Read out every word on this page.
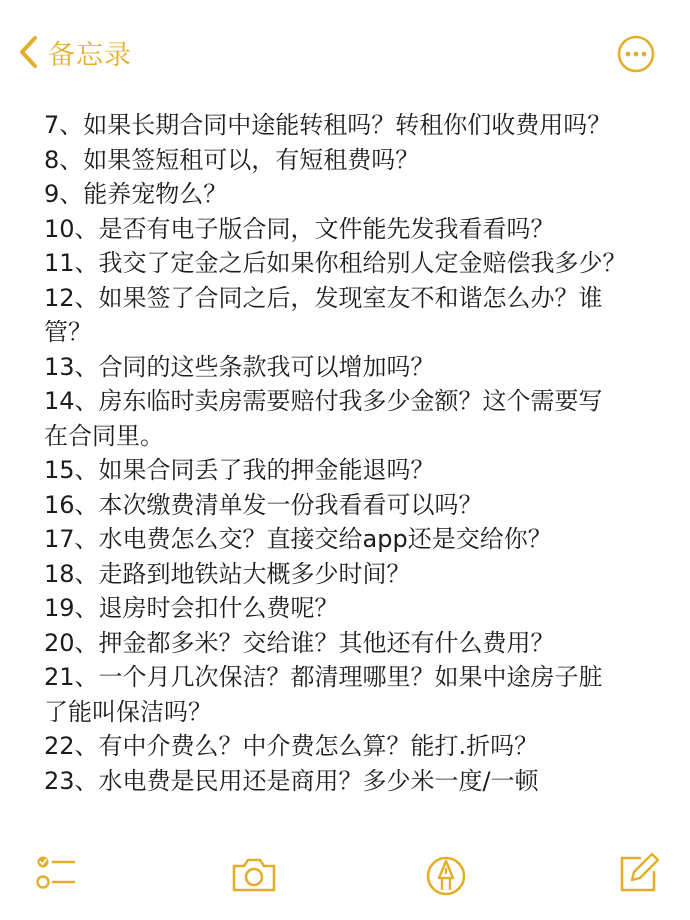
备忘录
7、如果长期合同中途能转租吗？转租你们收费用吗？
8、如果签短租可以，有短租费吗？
9、能养宠物么？
10、是否有电子版合同，文件能先发我看看吗？
11、我交了定金之后如果你租给别人定金赔偿我多少？
12、如果签了合同之后，发现室友不和谐怎么办？谁
管？
13、合同的这些条款我可以增加吗？
14、房东临时卖房需要赔付我多少金额？这个需要写
在合同里。
15、如果合同丢了我的押金能退吗？
16、本次缴费清单发一份我看看可以吗？
17、水电费怎么交？直接交给app还是交给你？
18、走路到地铁站大概多少时间？
19、退房时会扣什么费呢？
20、押金都多米？交给谁？其他还有什么费用？
21、一个月几次保洁？都清理哪里？如果中途房子脏
了能叫保洁吗？
22、有中介费么？中介费怎么算？能打.折吗？
23、水电费是民用还是商用？多少米一度/一顿
